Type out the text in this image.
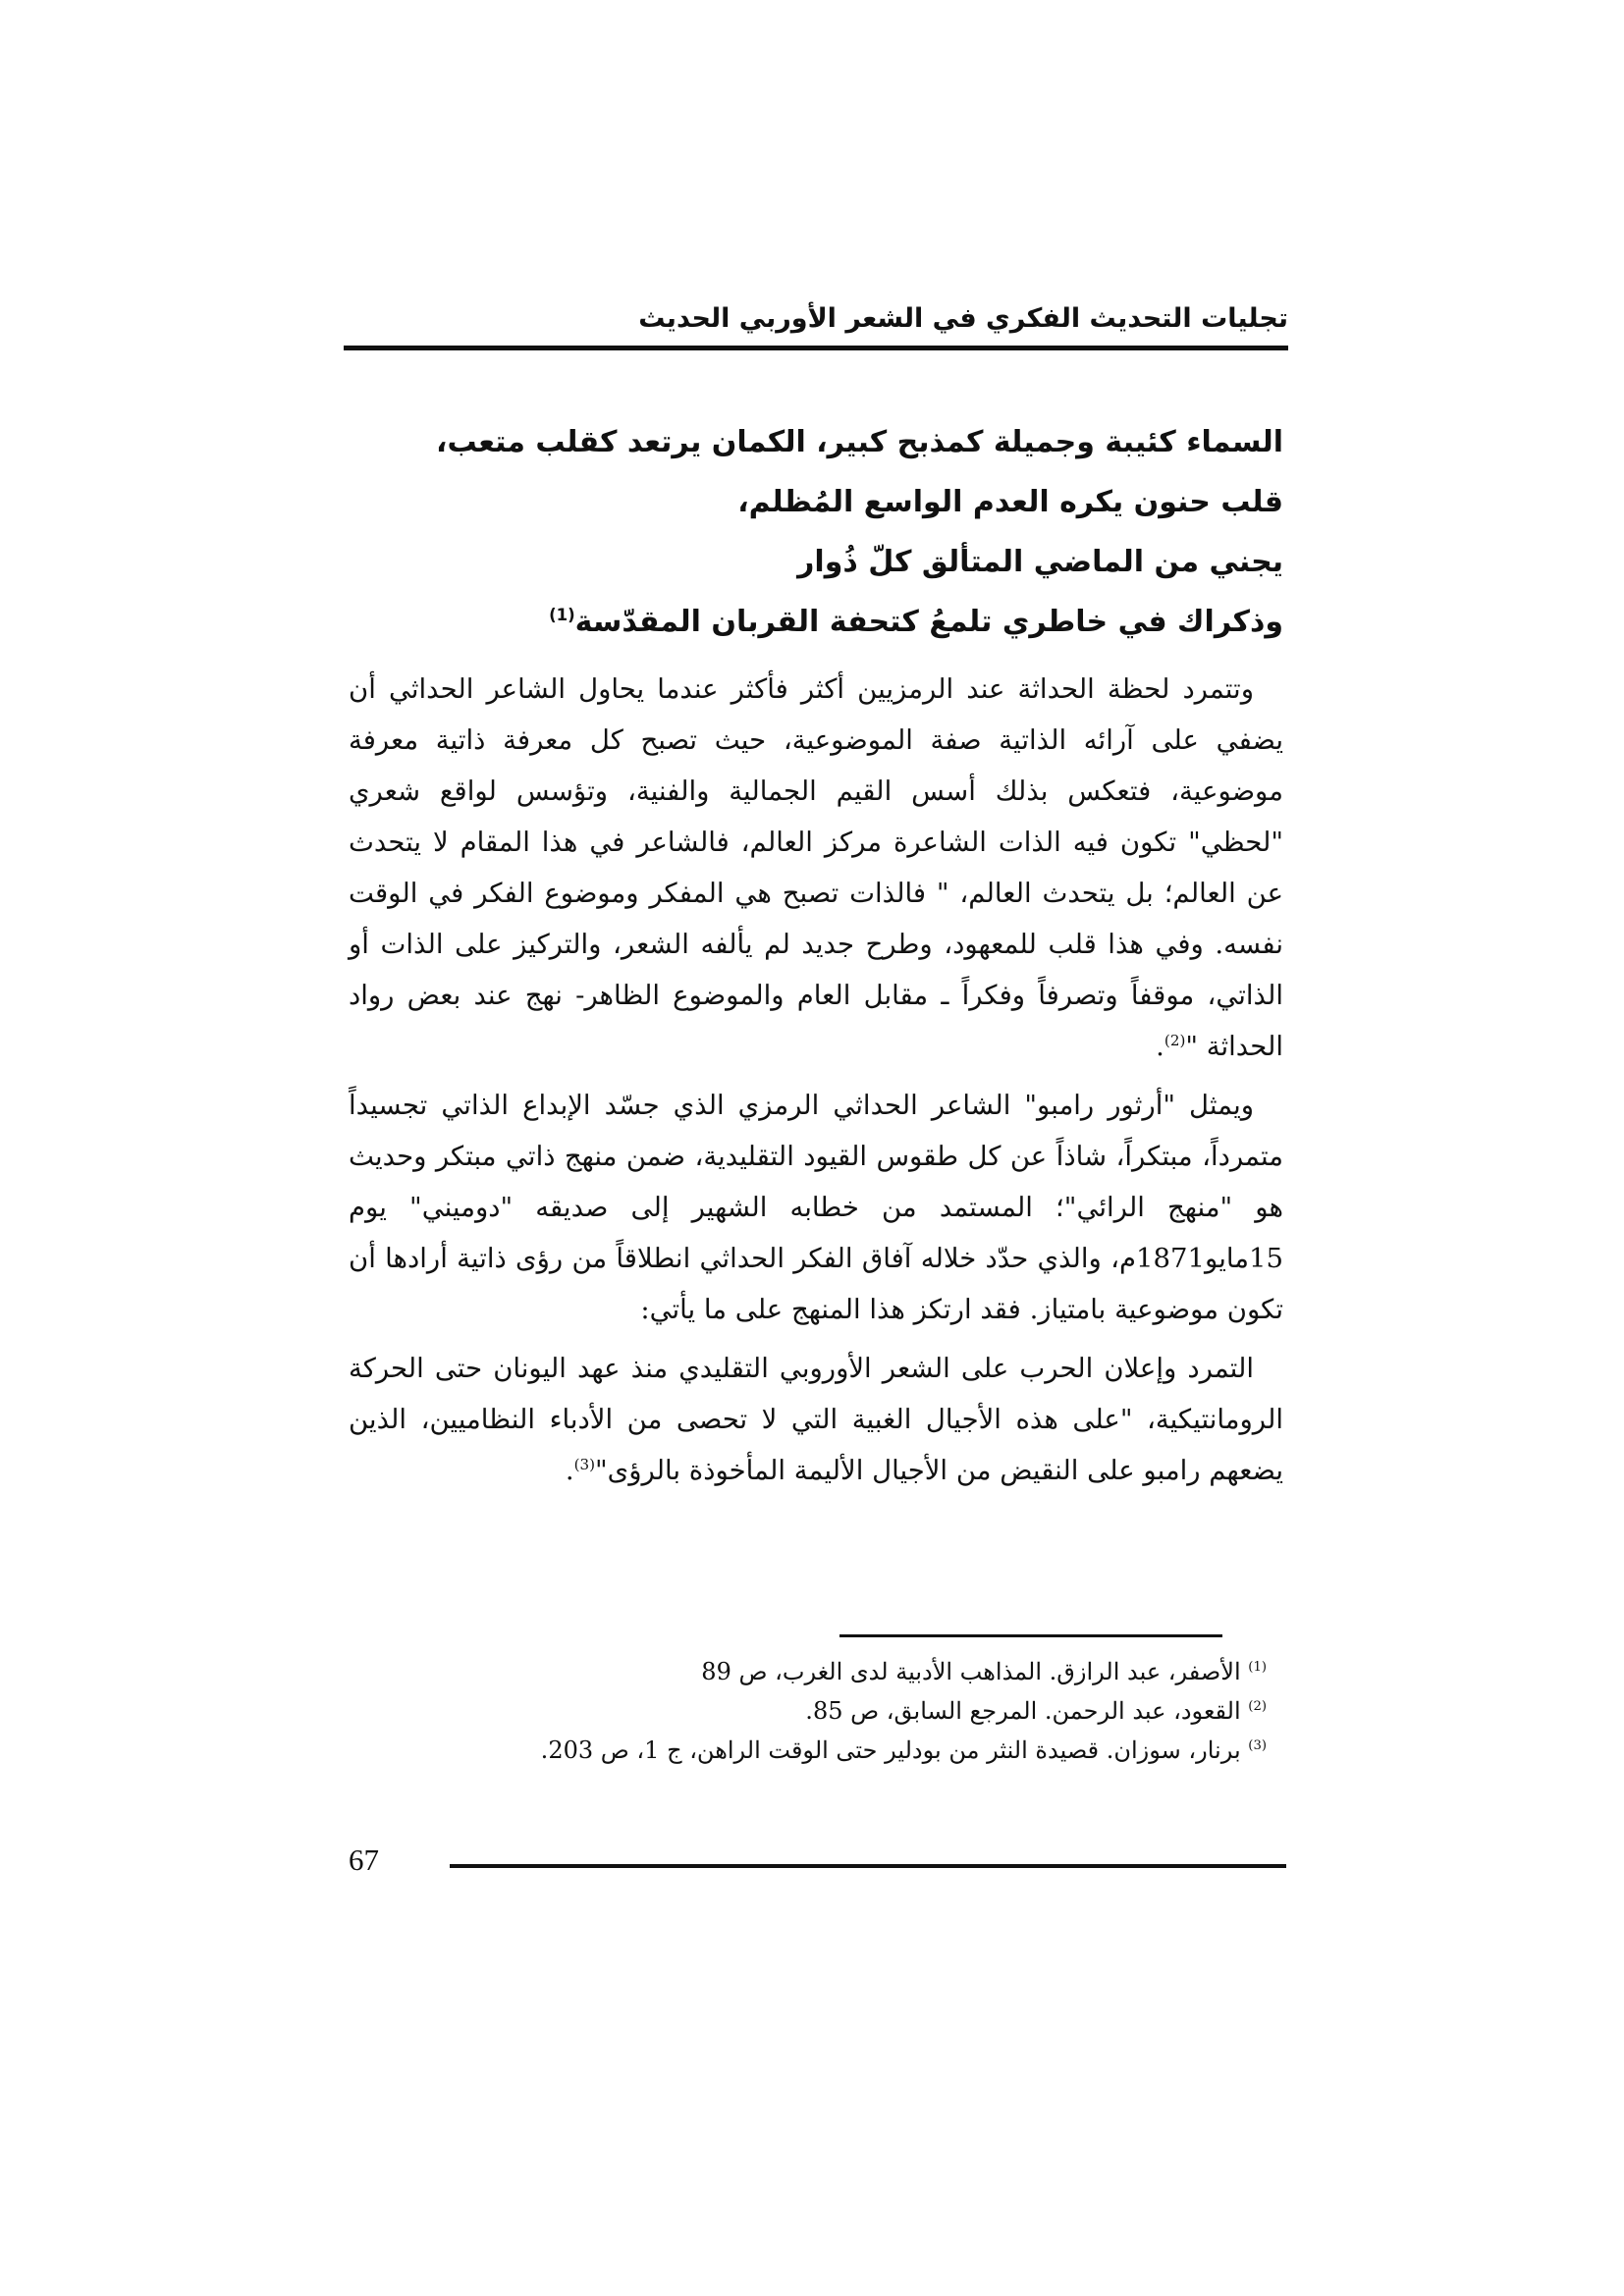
تجليات التحديث الفكري في الشعر الأوربي الحديث

السماء كئيبة وجميلة كمذبح كبير، الكمان يرتعد كقلب متعب،

قلب حنون يكره العدم الواسع المُظلم،

يجني من الماضي المتألق كلّ ذُوار

وذكراك في خاطري تلمعُ كتحفة القربان المقدّسة$^{(1)}$

وتتمرد لحظة الحداثة عند الرمزيين أكثر فأكثر عندما يحاول الشاعر الحداثي أن يضفي على آرائه الذاتية صفة الموضوعية، حيث تصبح كل معرفة ذاتية معرفة موضوعية، فتعكس بذلك أسس القيم الجمالية والفنية، وتؤسس لواقع شعري "لحظي" تكون فيه الذات الشاعرة مركز العالم، فالشاعر في هذا المقام لا يتحدث عن العالم؛ بل يتحدث العالم، " فالذات تصبح هي المفكر وموضوع الفكر في الوقت نفسه. وفي هذا قلب للمعهود، وطرح جديد لم يألفه الشعر، والتركيز على الذات أو الذاتي، موقفاً وتصرفاً وفكراً ـ مقابل العام والموضوع الظاهر- نهج عند بعض رواد الحداثة "$^{(2)}$.

ويمثل "أرثور رامبو" الشاعر الحداثي الرمزي الذي جسّد الإبداع الذاتي تجسيداً متمرداً، مبتكراً، شاذاً عن كل طقوس القيود التقليدية، ضمن منهج ذاتي مبتكر وحديث هو "منهج الرائي"؛ المستمد من خطابه الشهير إلى صديقه "دوميني" يوم 15مايو1871م، والذي حدّد خلاله آفاق الفكر الحداثي انطلاقاً من رؤى ذاتية أرادها أن تكون موضوعية بامتياز. فقد ارتكز هذا المنهج على ما يأتي:

التمرد وإعلان الحرب على الشعر الأوروبي التقليدي منذ عهد اليونان حتى الحركة الرومانتيكية، "على هذه الأجيال الغبية التي لا تحصى من الأدباء النظاميين، الذين يضعهم رامبو على النقيض من الأجيال الأليمة المأخوذة بالرؤى"$^{(3)}$.

$^{(1)}$ الأصفر، عبد الرازق. المذاهب الأدبية لدى الغرب، ص 89

$^{(2)}$ القعود، عبد الرحمن. المرجع السابق، ص 85.

$^{(3)}$ برنار، سوزان. قصيدة النثر من بودلير حتى الوقت الراهن، ج 1، ص 203.

67
